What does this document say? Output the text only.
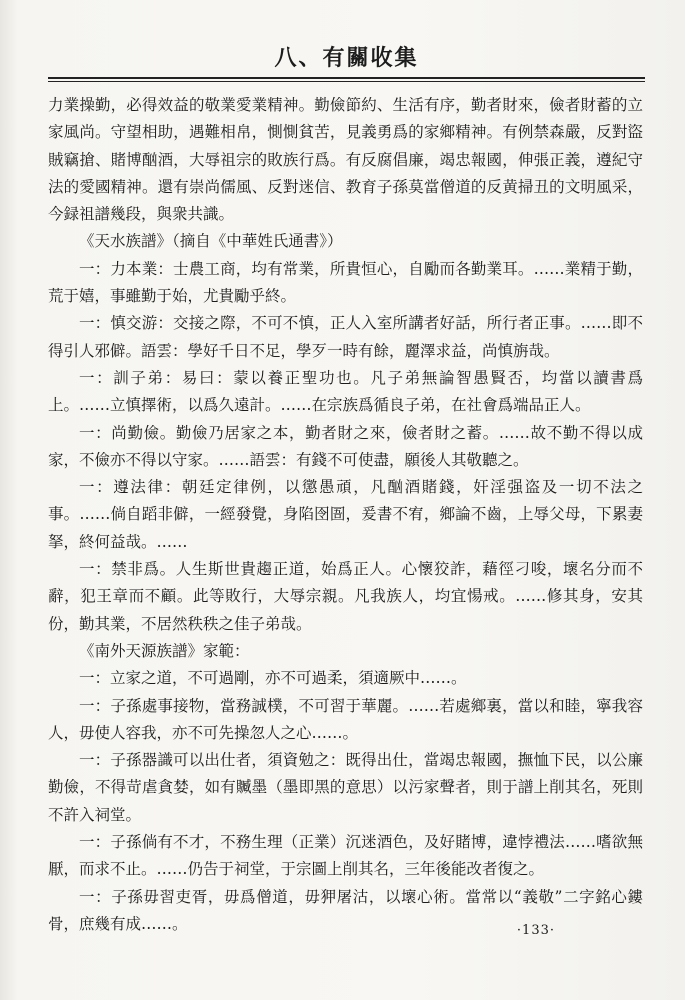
八、有關收集

力業操勤，必得效益的敬業愛業精神。勤儉節約、生活有序，勤者財來，儉者財蓄的立家風尚。守望相助，遇難相帛，惻惻貧苦，見義勇爲的家鄉精神。有例禁森嚴，反對盜賊竊搶、賭博酗酒，大辱祖宗的敗族行爲。有反腐倡廉，竭忠報國，伸張正義，遵紀守法的愛國精神。還有崇尚儒風、反對迷信、教育子孫莫當僧道的反黄掃丑的文明風采，今録祖譜幾段，與衆共識。

《天水族譜》（摘自《中華姓氏通書》）

一：力本業：士農工商，均有常業，所貴恒心，自勵而各勤業耳。……業精于勤，荒于嬉，事雖勤于始，尤貴勵乎終。

一：慎交游：交接之際，不可不慎，正人入室所講者好話，所行者正事。……即不得引人邪僻。語雲：學好千日不足，學歹一時有餘，麗澤求益，尚慎旃哉。

一：訓子弟：易曰：蒙以養正聖功也。凡子弟無論智愚賢否，均當以讀書爲上。……立慎擇術，以爲久遠計。……在宗族爲循良子弟，在社會爲端品正人。

一：尚勤儉。勤儉乃居家之本，勤者財之來，儉者財之蓄。……故不勤不得以成家，不儉亦不得以守家。……語雲：有錢不可使盡，願後人其敬聽之。

一：遵法律：朝廷定律例，以懲愚頑，凡酗酒賭錢，奸淫强盗及一切不法之事。……倘自蹈非僻，一經發覺，身陷囹圄，爰書不宥，鄉論不齒，上辱父母，下累妻拏，終何益哉。……

一：禁非爲。人生斯世貴趨正道，始爲正人。心懷狡詐，藉徑刁唆，壞名分而不辭，犯王章而不顧。此等敗行，大辱宗親。凡我族人，均宜愓戒。……修其身，安其份，勤其業，不居然秩秩之佳子弟哉。

《南外天源族譜》家範：

一：立家之道，不可過剛，亦不可過柔，須適厥中……。

一：子孫處事接物，當務誠樸，不可習于華麗。……若處鄉裏，當以和睦，寧我容人，毋使人容我，亦不可先操忽人之心……。

一：子孫器識可以出仕者，須資勉之：既得出仕，當竭忠報國，撫恤下民，以公廉勤儉，不得苛虐貪婪，如有贓墨（墨即黑的意思）以污家聲者，則于譜上削其名，死則不許入祠堂。

一：子孫倘有不才，不務生理（正業）沉迷酒色，及好賭博，違悖禮法……嗜欲無厭，而求不止。……仍告于祠堂，于宗圖上削其名，三年後能改者復之。

一：子孫毋習吏胥，毋爲僧道，毋狎屠沽，以壞心術。當常以“義敬”二字銘心鏤骨，庶幾有成……。	·133·
